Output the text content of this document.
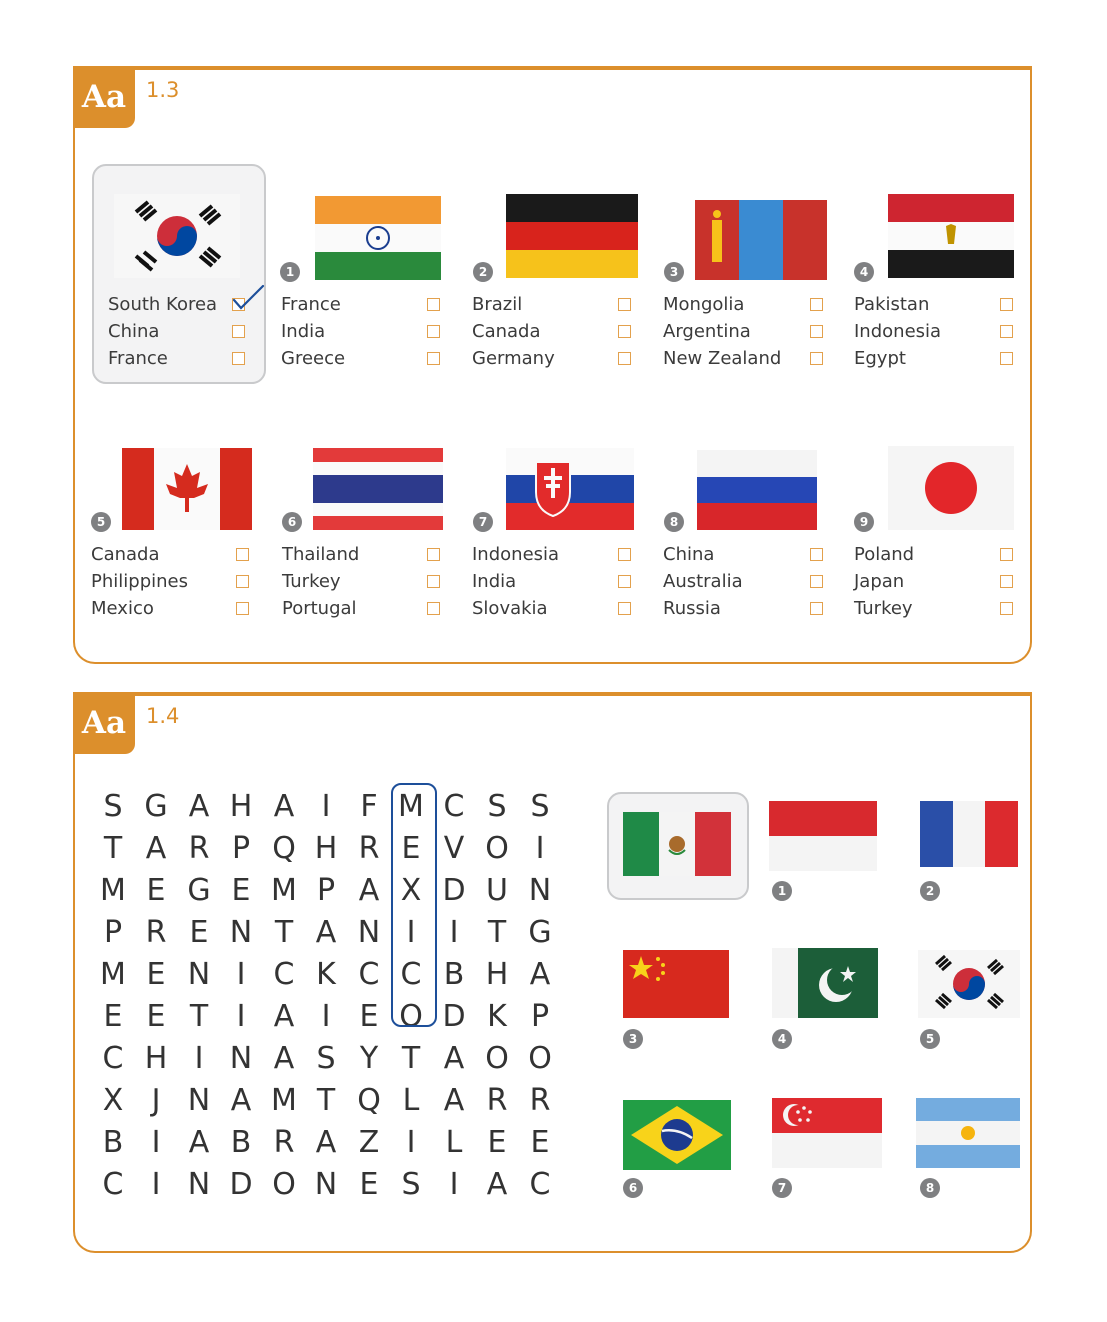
Aa 1.3
South Korea
China
France
1
France
India
Greece
2
Brazil
Canada
Germany
3
Mongolia
Argentina
New Zealand
4
Pakistan
Indonesia
Egypt
5
Canada
Philippines
Mexico
6
Thailand
Turkey
Portugal
7
Indonesia
India
Slovakia
8
China
Australia
Russia
9
Poland
Japan
Turkey
Aa 1.4
S G A H A I F M C S S
T A R P Q H R E V O I
M E G E M P A X D U N
P R E N T A N I	I T G
M E N I C K C C B H A
E E T I A I E O D K P
C H I N A S Y T A O O
X J N A M T Q L A R R
B I A B R A Z I	L E E
C I N D O N E S I A C
1	2
3	4	5
6	7	8
